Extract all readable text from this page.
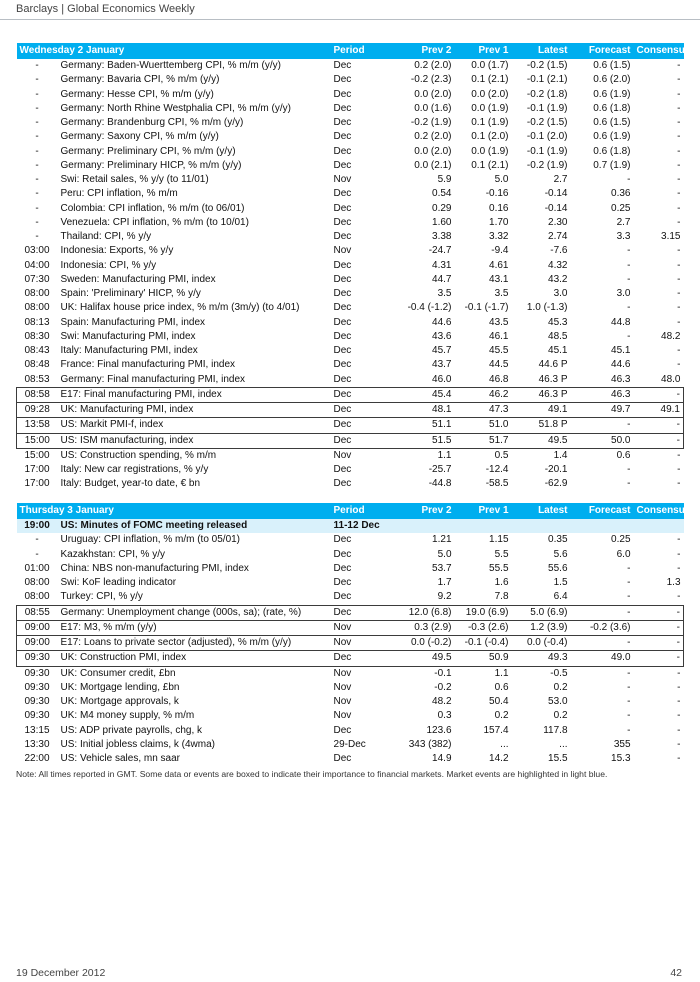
Barclays | Global Economics Weekly
Wednesday 2 January		Period	Prev 2	Prev 1	Latest	Forecast	Consensus
-	Germany: Baden-Wuerttemberg CPI, % m/m (y/y)	Dec	0.2 (2.0)	0.0 (1.7)	-0.2 (1.5)	0.6 (1.5)	-
-	Germany: Bavaria CPI, % m/m (y/y)	Dec	-0.2 (2.3)	0.1 (2.1)	-0.1 (2.1)	0.6 (2.0)	-
-	Germany: Hesse CPI, % m/m (y/y)	Dec	0.0 (2.0)	0.0 (2.0)	-0.2 (1.8)	0.6 (1.9)	-
-	Germany: North Rhine Westphalia CPI, % m/m (y/y)	Dec	0.0 (1.6)	0.0 (1.9)	-0.1 (1.9)	0.6 (1.8)	-
-	Germany: Brandenburg CPI, % m/m (y/y)	Dec	-0.2 (1.9)	0.1 (1.9)	-0.2 (1.5)	0.6 (1.5)	-
-	Germany: Saxony CPI, % m/m (y/y)	Dec	0.2 (2.0)	0.1 (2.0)	-0.1 (2.0)	0.6 (1.9)	-
-	Germany: Preliminary CPI, % m/m (y/y)	Dec	0.0 (2.0)	0.0 (1.9)	-0.1 (1.9)	0.6 (1.8)	-
-	Germany: Preliminary HICP, % m/m (y/y)	Dec	0.0 (2.1)	0.1 (2.1)	-0.2 (1.9)	0.7 (1.9)	-
-	Swi: Retail sales, % y/y (to 11/01)	Nov	5.9	5.0	2.7	-	-
-	Peru: CPI inflation, % m/m	Dec	0.54	-0.16	-0.14	0.36	-
-	Colombia: CPI inflation, % m/m (to 06/01)	Dec	0.29	0.16	-0.14	0.25	-
-	Venezuela: CPI inflation, % m/m (to 10/01)	Dec	1.60	1.70	2.30	2.7	-
-	Thailand: CPI, % y/y	Dec	3.38	3.32	2.74	3.3	3.15
03:00	Indonesia: Exports, % y/y	Nov	-24.7	-9.4	-7.6	-	-
04:00	Indonesia: CPI, % y/y	Dec	4.31	4.61	4.32	-	-
07:30	Sweden: Manufacturing PMI, index	Dec	44.7	43.1	43.2	-	-
08:00	Spain: 'Preliminary' HICP, % y/y	Dec	3.5	3.5	3.0	3.0	-
08:00	UK: Halifax house price index, % m/m (3m/y) (to 4/01)	Dec	-0.4 (-1.2)	-0.1 (-1.7)	1.0 (-1.3)	-	-
08:13	Spain: Manufacturing PMI, index	Dec	44.6	43.5	45.3	44.8	-
08:30	Swi: Manufacturing PMI, index	Dec	43.6	46.1	48.5	-	48.2
08:43	Italy: Manufacturing PMI, index	Dec	45.7	45.5	45.1	45.1	-
08:48	France: Final manufacturing PMI, index	Dec	43.7	44.5	44.6 P	44.6	-
08:53	Germany: Final manufacturing PMI, index	Dec	46.0	46.8	46.3 P	46.3	48.0
08:58	E17: Final manufacturing PMI, index	Dec	45.4	46.2	46.3 P	46.3	-
09:28	UK: Manufacturing PMI, index	Dec	48.1	47.3	49.1	49.7	49.1
13:58	US: Markit PMI-f, index	Dec	51.1	51.0	51.8 P	-	-
15:00	US: ISM manufacturing, index	Dec	51.5	51.7	49.5	50.0	-
15:00	US: Construction spending, % m/m	Nov	1.1	0.5	1.4	0.6	-
17:00	Italy: New car registrations, % y/y	Dec	-25.7	-12.4	-20.1	-	-
17:00	Italy: Budget, year-to date, € bn	Dec	-44.8	-58.5	-62.9	-	-
Thursday 3 January		Period	Prev 2	Prev 1	Latest	Forecast	Consensus
19:00	US: Minutes of FOMC meeting released	11-12 Dec					
-	Uruguay: CPI inflation, % m/m (to 05/01)	Dec	1.21	1.15	0.35	0.25	-
-	Kazakhstan: CPI, % y/y	Dec	5.0	5.5	5.6	6.0	-
01:00	China: NBS non-manufacturing PMI, index	Dec	53.7	55.5	55.6	-	-
08:00	Swi: KoF leading indicator	Dec	1.7	1.6	1.5	-	1.3
08:00	Turkey: CPI, % y/y	Dec	9.2	7.8	6.4	-	-
08:55	Germany: Unemployment change (000s, sa); (rate, %)	Dec	12.0 (6.8)	19.0 (6.9)	5.0 (6.9)	-	-
09:00	E17: M3, % m/m (y/y)	Nov	0.3 (2.9)	-0.3 (2.6)	1.2 (3.9)	-0.2 (3.6)	-
09:00	E17: Loans to private sector (adjusted), % m/m (y/y)	Nov	0.0 (-0.2)	-0.1 (-0.4)	0.0 (-0.4)	-	-
09:30	UK: Construction PMI, index	Dec	49.5	50.9	49.3	49.0	-
09:30	UK: Consumer credit, £bn	Nov	-0.1	1.1	-0.5	-	-
09:30	UK: Mortgage lending, £bn	Nov	-0.2	0.6	0.2	-	-
09:30	UK: Mortgage approvals, k	Nov	48.2	50.4	53.0	-	-
09:30	UK: M4 money supply, % m/m	Nov	0.3	0.2	0.2	-	-
13:15	US: ADP private payrolls, chg, k	Dec	123.6	157.4	117.8	-	-
13:30	US: Initial jobless claims, k (4wma)	29-Dec	343 (382)	...	...	355	-
22:00	US: Vehicle sales, mn saar	Dec	14.9	14.2	15.5	15.3	-
Note: All times reported in GMT. Some data or events are boxed to indicate their importance to financial markets. Market events are highlighted in light blue.
19 December 2012	42
